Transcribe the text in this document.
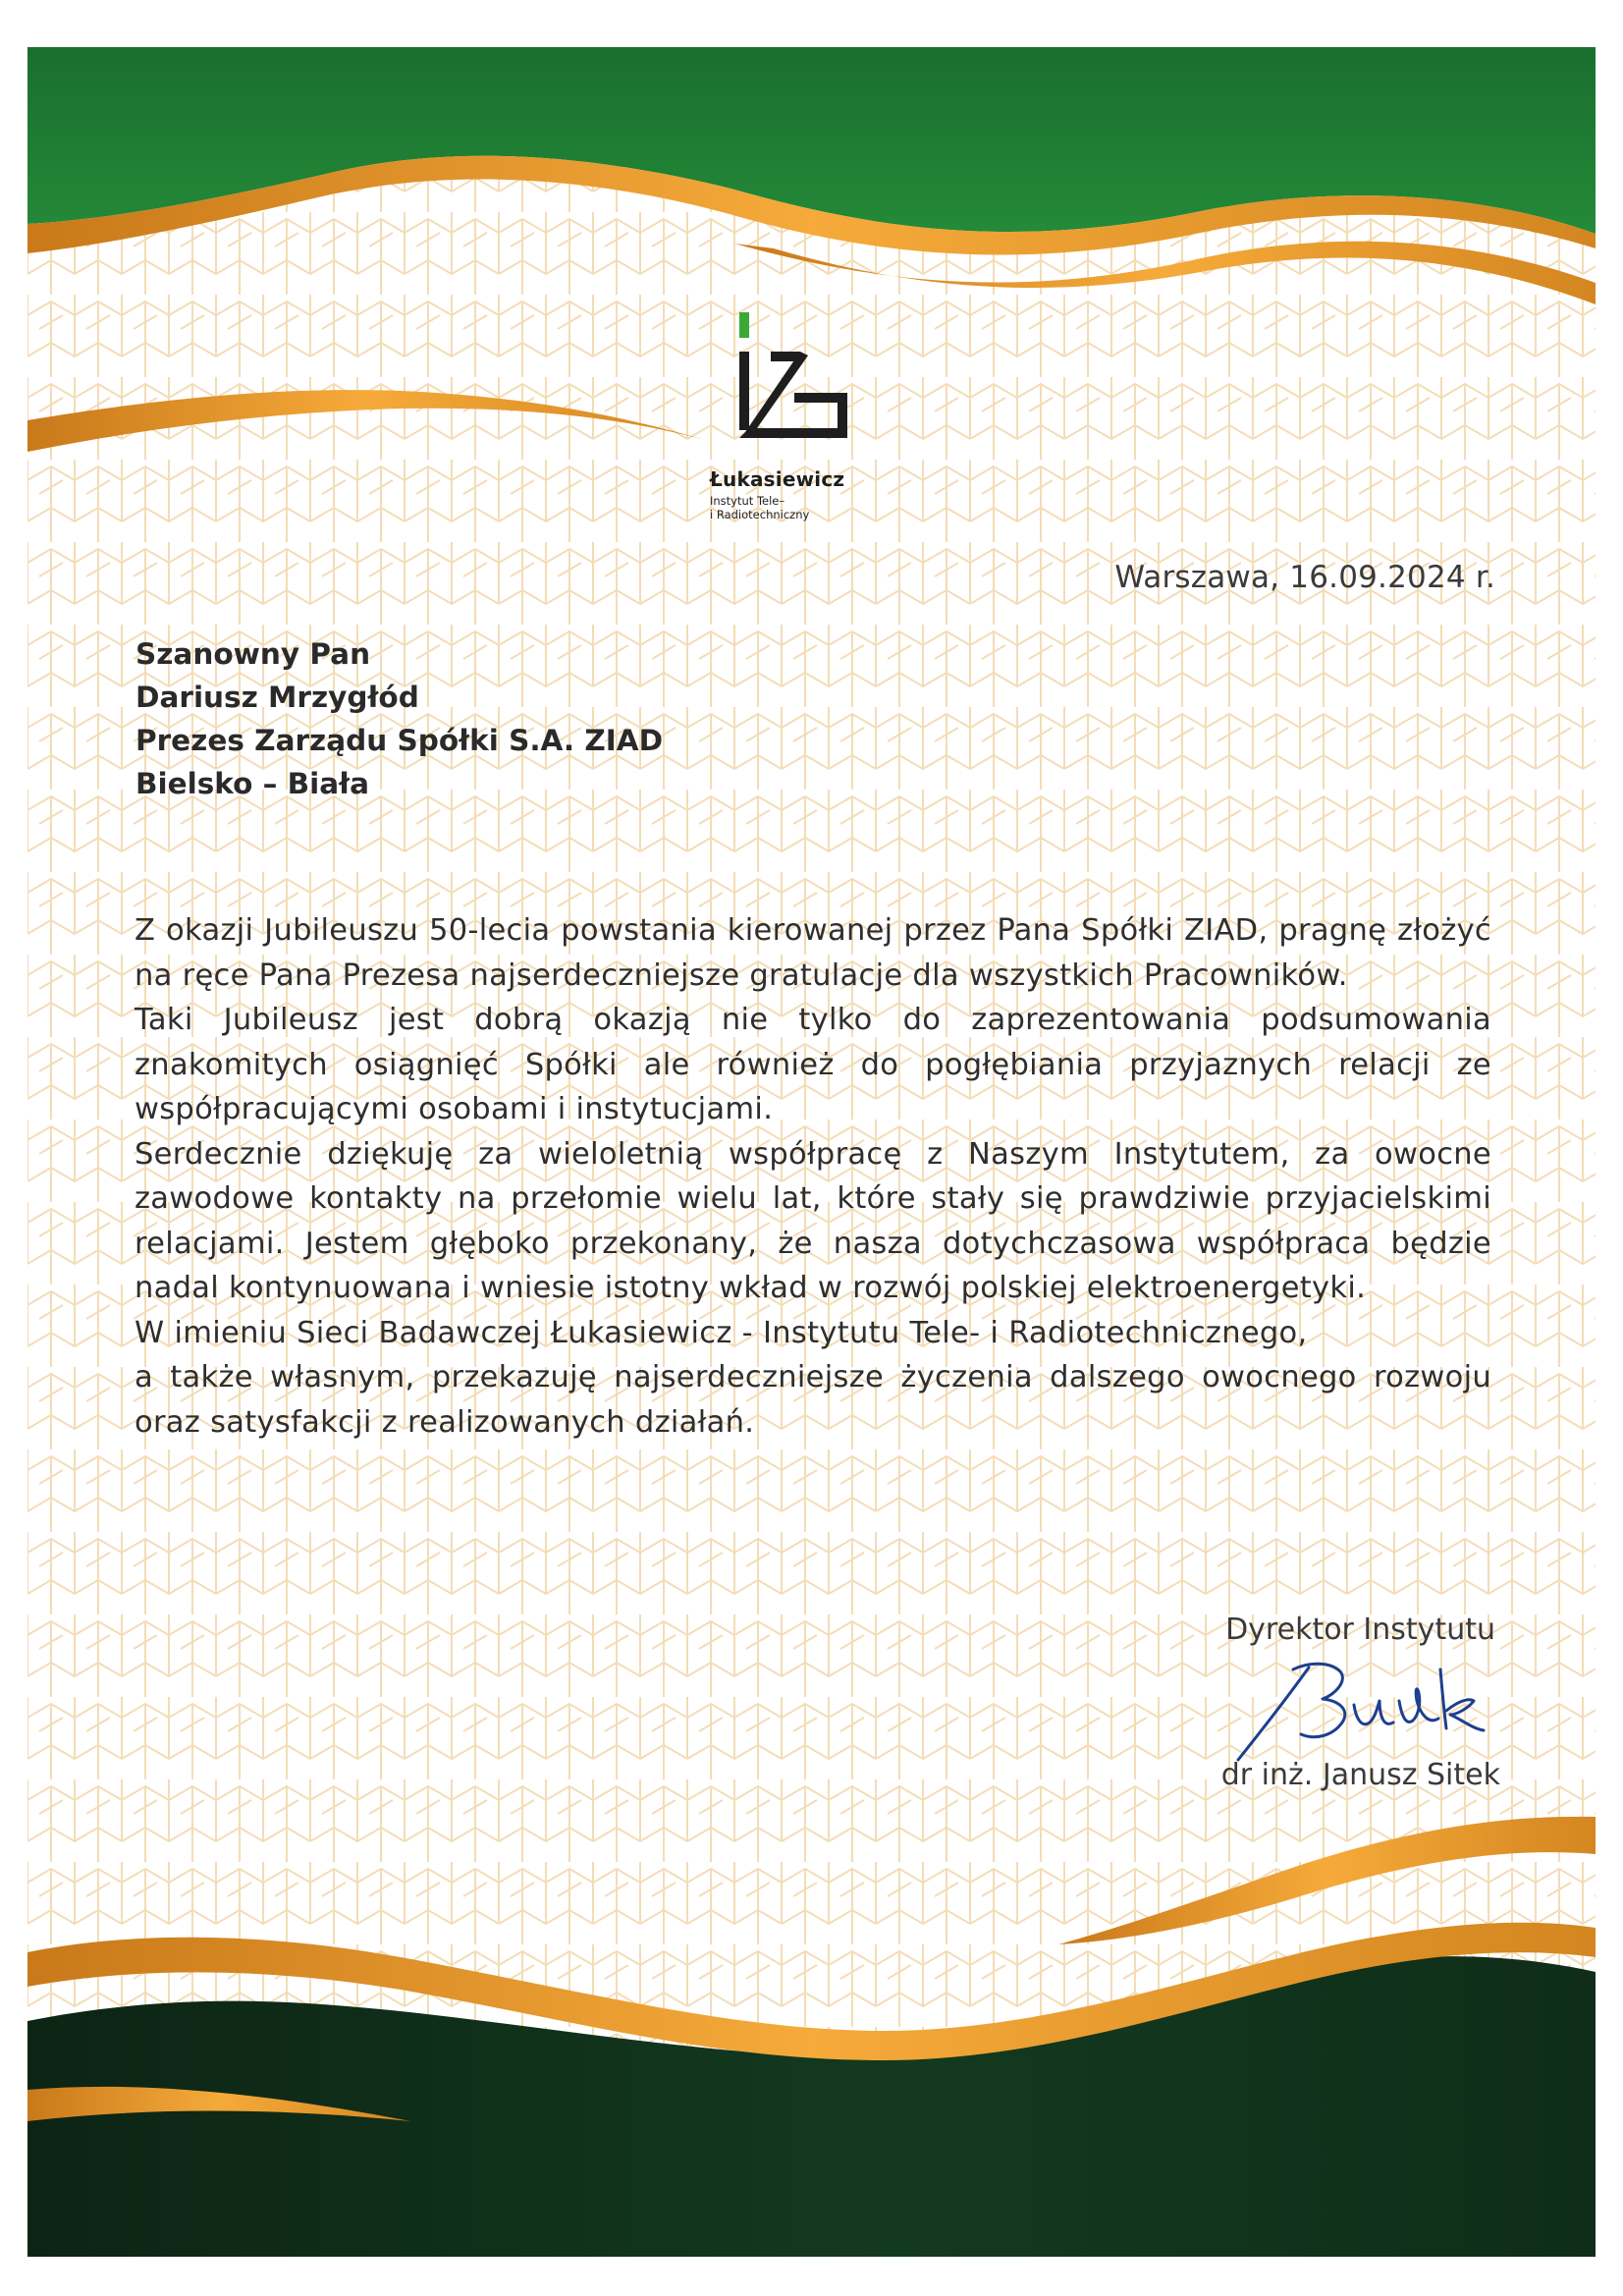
Łukasiewicz
Instytut Tele–
i Radiotechniczny
Warszawa, 16.09.2024 r.
Szanowny Pan
Dariusz Mrzygłód
Prezes Zarządu Spółki S.A. ZIAD
Bielsko – Biała

Z okazji Jubileuszu 50-lecia powstania kierowanej przez Pana Spółki ZIAD, pragnę złożyć na ręce Pana Prezesa najserdeczniejsze gratulacje dla wszystkich Pracowników.

Taki Jubileusz jest dobrą okazją nie tylko do zaprezentowania podsumowania znakomitych osiągnięć Spółki ale również do pogłębiania przyjaznych relacji ze współpracującymi osobami i instytucjami.

Serdecznie dziękuję za wieloletnią współpracę z Naszym Instytutem, za owocne zawodowe kontakty na przełomie wielu lat, które stały się prawdziwie przyjacielskimi relacjami. Jestem głęboko przekonany, że nasza dotychczasowa współpraca będzie nadal kontynuowana i wniesie istotny wkład w rozwój polskiej elektroenergetyki.

W imieniu Sieci Badawczej Łukasiewicz - Instytutu Tele- i Radiotechnicznego,

a także własnym, przekazuję najserdeczniejsze życzenia dalszego owocnego rozwoju oraz satysfakcji z realizowanych działań.

Dyrektor Instytutu
dr inż. Janusz Sitek
